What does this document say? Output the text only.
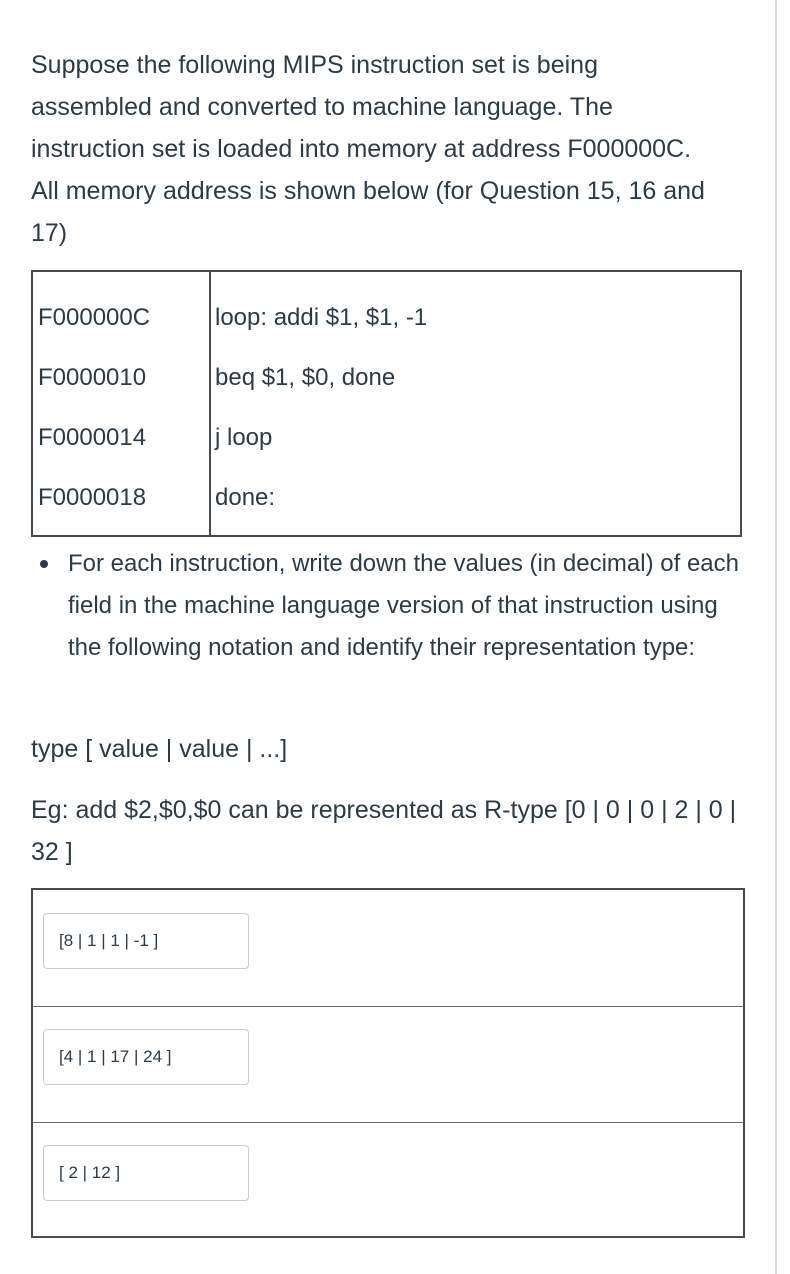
Suppose the following MIPS instruction set is being assembled and converted to machine language. The instruction set is loaded into memory at address F000000C. All memory address is shown below (for Question 15, 16 and 17)

F000000C	loop: addi $1, $1, -1
F0000010	beq $1, $0, done
F0000014	j loop
F0000018	done:
For each instruction, write down the values (in decimal) of each field in the machine language version of that instruction using the following notation and identify their representation type:

type [ value | value | ...]

Eg: add $2,$0,$0 can be represented as R-type [0 | 0 | 0 | 2 | 0 | 32 ]

[8 | 1 | 1 | -1 ]
[4 | 1 | 17 | 24 ]
[ 2 | 12 ]
